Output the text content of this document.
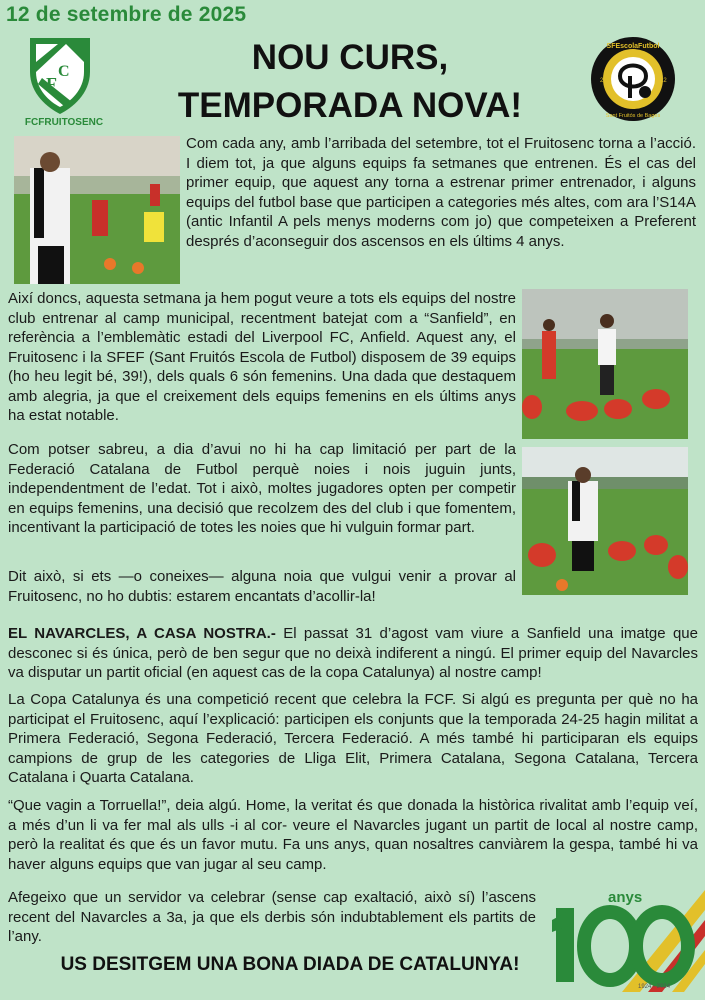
12 de setembre de 2025
F
C
FCFRUITOSENC
NOU CURS,
TEMPORADA NOVA!
SFEscolaFutbol
Sant Fruitós de Bages
20	12
Com cada any, amb l’arribada del setembre, tot el Fruitosenc torna a l’acció. I diem tot, ja que alguns equips fa setmanes que entrenen. És el cas del primer equip, que aquest any torna a estrenar primer entrenador, i alguns equips del futbol base que participen a categories més altes, com ara l’S14A (antic Infantil A pels menys moderns com jo) que competeixen a Preferent després d’aconseguir dos ascensos en els últims 4 anys.
Així doncs, aquesta setmana ja hem pogut veure a tots els equips del nostre club entrenar al camp municipal, recentment batejat com a “Sanfield”, en referència a l’emblemàtic estadi del Liverpool FC, Anfield. Aquest any, el Fruitosenc i la SFEF (Sant Fruitós Escola de Futbol) disposem de 39 equips (ho heu legit bé, 39!), dels quals 6 són femenins. Una dada que destaquem amb alegria, ja que el creixement dels equips femenins en els últims anys ha estat notable.
Com potser sabreu, a dia d’avui no hi ha cap limitació per part de la Federació Catalana de Futbol perquè noies i nois juguin junts, independentment de l’edat. Tot i això, moltes jugadores opten per competir en equips femenins, una decisió que recolzem des del club i que fomentem, incentivant la participació de totes les noies que hi vulguin formar part.
Dit això, si ets —o coneixes— alguna noia que vulgui venir a provar al Fruitosenc, no ho dubtis: estarem encantats d’acollir-la!
EL NAVARCLES, A CASA NOSTRA.- El passat 31 d’agost vam viure a Sanfield una imatge que desconec si és única, però de ben segur que no deixà indiferent a ningú. El primer equip del Navarcles va disputar un partit oficial (en aquest cas de la copa Catalunya) al nostre camp!
La Copa Catalunya és una competició recent que celebra la FCF. Si algú es pregunta per què no ha participat el Fruitosenc, aquí l’explicació: participen els conjunts que la temporada 24-25 hagin militat a Primera Federació, Segona Federació, Tercera Federació. A més també hi participaran els equips campions de grup de les categories de Lliga Elit, Primera Catalana, Segona Catalana, Tercera Catalana i Quarta Catalana.
“Que vagin a Torruella!”, deia algú. Home, la veritat és que donada la històrica rivalitat amb l’equip veí, a més d’un li va fer mal als ulls -i al cor- veure el Navarcles jugant un partit de local al nostre camp, però la realitat és que és un favor mutu. Fa uns anys, quan nosaltres canviàrem la gespa, també hi va haver alguns equips que van jugar al seu camp.
Afegeixo que un servidor va celebrar (sense cap exaltació, això sí) l’ascens recent del Navarcles a 3a, ja que els derbis són indubtablement els partits de l’any.
anys
1924 - 2024
US DESITGEM UNA BONA DIADA DE CATALUNYA!
